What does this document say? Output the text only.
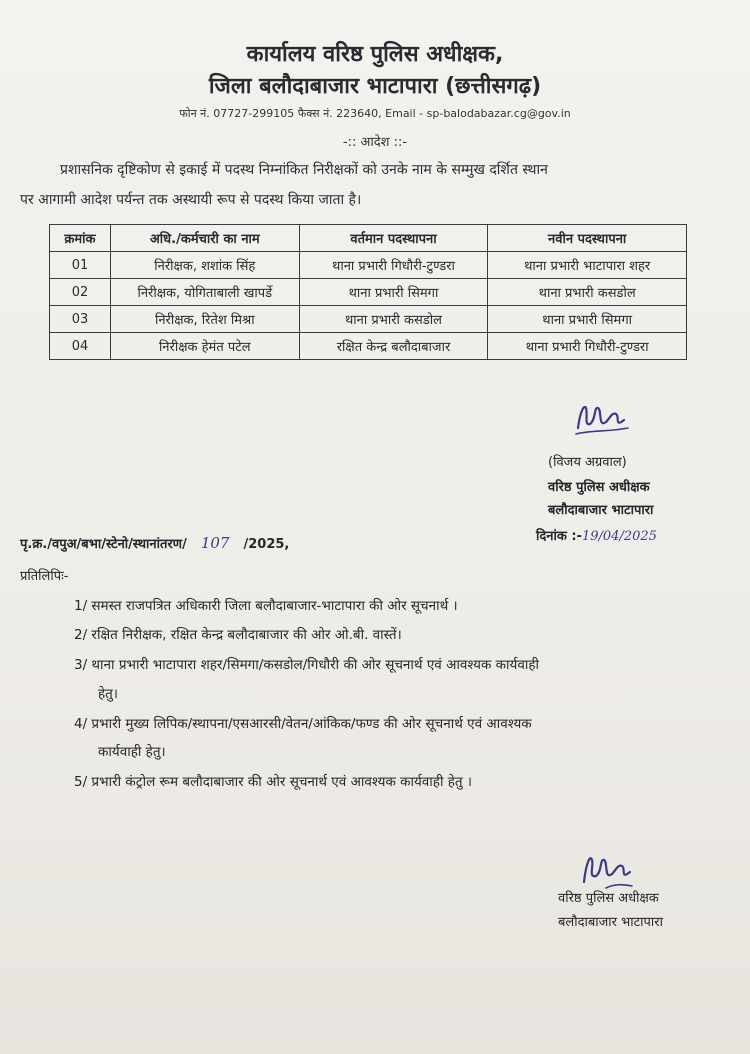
कार्यालय वरिष्ठ पुलिस अधीक्षक,
जिला बलौदाबाजार भाटापारा (छत्तीसगढ़)
फोन नं. 07727-299105 फैक्स नं. 223640, Email - sp-balodabazar.cg@gov.in
-:: आदेश ::-
प्रशासनिक दृष्टिकोण से इकाई में पदस्थ निम्नांकित निरीक्षकों को उनके नाम के सम्मुख दर्शित स्थान
पर आगामी आदेश पर्यन्त तक अस्थायी रूप से पदस्थ किया जाता है।
क्रमांक	अधि./कर्मचारी का नाम	वर्तमान पदस्थापना	नवीन पदस्थापना
01	निरीक्षक, शशांक सिंह	थाना प्रभारी गिधौरी-टुण्डरा	थाना प्रभारी भाटापारा शहर
02	निरीक्षक, योगिताबाली खापर्डे	थाना प्रभारी सिमगा	थाना प्रभारी कसडोल
03	निरीक्षक, रितेश मिश्रा	थाना प्रभारी कसडोल	थाना प्रभारी सिमगा
04	निरीक्षक हेमंत पटेल	रक्षित केन्द्र बलौदाबाजार	थाना प्रभारी गिधौरी-टुण्डरा
(विजय अग्रवाल)
वरिष्ठ पुलिस अधीक्षक
बलौदाबाजार भाटापारा
दिनांक :-19/04/2025
पृ.क्र./वपुअ/बभा/स्टेनो/स्थानांतरण/ 107 /2025,
प्रतिलिपिः-
1/ समस्त राजपत्रित अधिकारी जिला बलौदाबाजार-भाटापारा की ओर सूचनार्थ ।
2/ रक्षित निरीक्षक, रक्षित केन्द्र बलौदाबाजार की ओर ओ.बी. वास्तें।
3/ थाना प्रभारी भाटापारा शहर/सिमगा/कसडोल/गिधौरी की ओर सूचनार्थ एवं आवश्यक कार्यवाही
हेतु।
4/ प्रभारी मुख्य लिपिक/स्थापना/एसआरसी/वेतन/आंकिक/फण्ड की ओर सूचनार्थ एवं आवश्यक
कार्यवाही हेतु।
5/ प्रभारी कंट्रोल रूम बलौदाबाजार की ओर सूचनार्थ एवं आवश्यक कार्यवाही हेतु ।
वरिष्ठ पुलिस अधीक्षक
बलौदाबाजार भाटापारा
